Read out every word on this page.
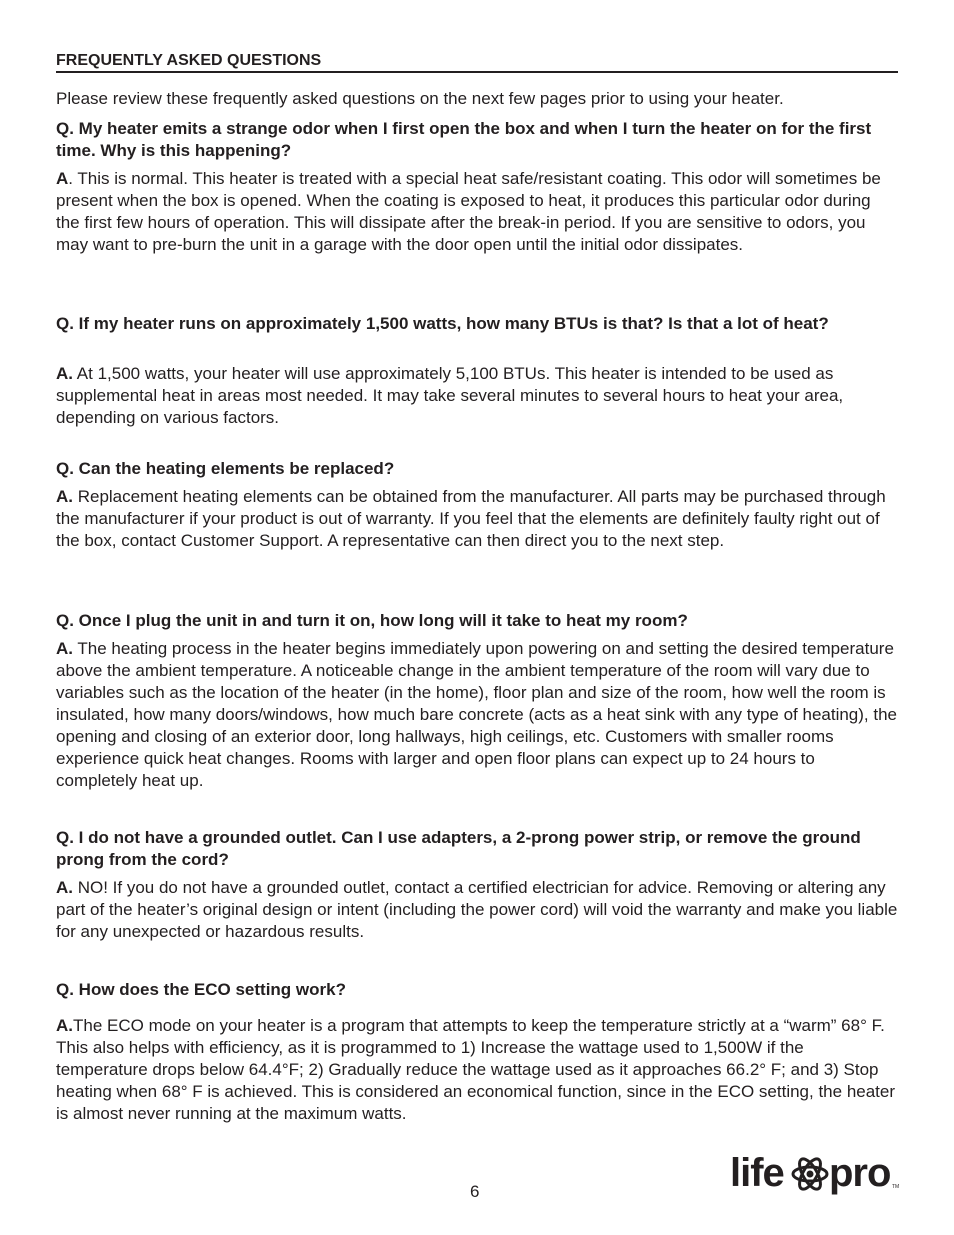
FREQUENTLY ASKED QUESTIONS

Please review these frequently asked questions on the next few pages prior to using your heater.

Q. My heater emits a strange odor when I first open the box and when I turn the heater on for the first time. Why is this happening?

A. This is normal. This heater is treated with a special heat safe/resistant coating. This odor will sometimes be present when the box is opened. When the coating is exposed to heat, it produces this particular odor during the first few hours of operation. This will dissipate after the break-in period. If you are sensitive to odors, you may want to pre-burn the unit in a garage with the door open until the initial odor dissipates.

Q. If my heater runs on approximately 1,500 watts, how many BTUs is that? Is that a lot of heat?

A. At 1,500 watts, your heater will use approximately 5,100 BTUs. This heater is intended to be used as supplemental heat in areas most needed. It may take several minutes to several hours to heat your area, depending on various factors.

Q. Can the heating elements be replaced?

A. Replacement heating elements can be obtained from the manufacturer. All parts may be purchased through the manufacturer if your product is out of warranty. If you feel that the elements are definitely faulty right out of the box, contact Customer Support. A representative can then direct you to the next step.

Q. Once I plug the unit in and turn it on, how long will it take to heat my room?

A. The heating process in the heater begins immediately upon powering on and setting the desired temperature above the ambient temperature. A noticeable change in the ambient temperature of the room will vary due to variables such as the location of the heater (in the home), floor plan and size of the room, how well the room is insulated, how many doors/windows, how much bare concrete (acts as a heat sink with any type of heating), the opening and closing of an exterior door, long hallways, high ceilings, etc. Customers with smaller rooms experience quick heat changes. Rooms with larger and open floor plans can expect up to 24 hours to completely heat up.

Q. I do not have a grounded outlet. Can I use adapters, a 2-prong power strip, or remove the ground prong from the cord?

A. NO! If you do not have a grounded outlet, contact a certified electrician for advice. Removing or altering any part of the heater’s original design or intent (including the power cord) will void the warranty and make you liable for any unexpected or hazardous results.

Q. How does the ECO setting work?

A.The ECO mode on your heater is a program that attempts to keep the temperature strictly at a “warm” 68° F. This also helps with efficiency, as it is programmed to 1) Increase the wattage used to 1,500W if the temperature drops below 64.4°F; 2) Gradually reduce the wattage used as it approaches 66.2° F; and 3) Stop heating when 68° F is achieved. This is considered an economical function, since in the ECO setting, the heater is almost never running at the maximum watts.

6	life pro TM
